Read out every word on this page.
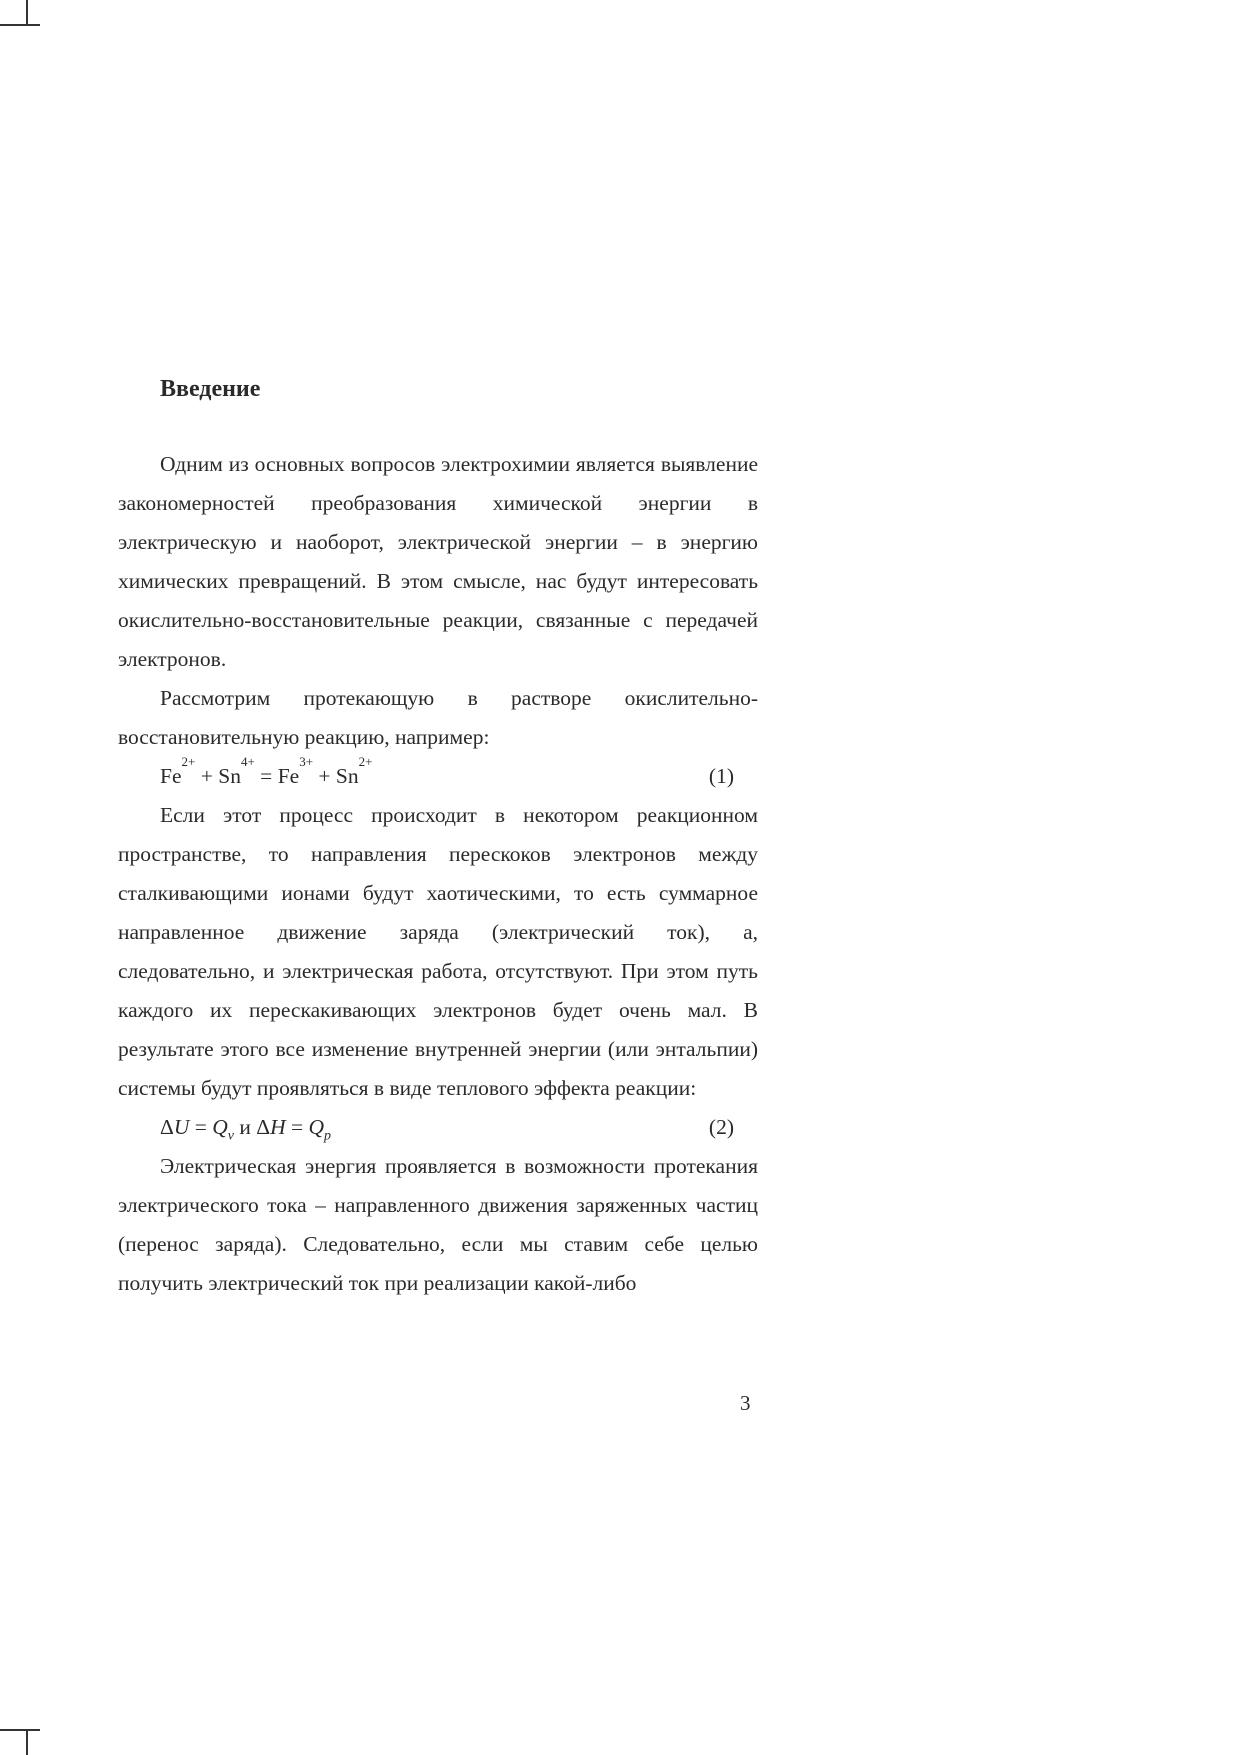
Введение

Одним из основных вопросов электрохимии является выявление закономерностей преобразования химической энергии в электрическую и наоборот, электрической энергии – в энергию химических превращений. В этом смысле, нас будут интересовать окислительно-восстановительные реакции, связанные с передачей электронов.

Рассмотрим протекающую в растворе окислительно-восстановительную реакцию, например:

$Fe^{2+} + Sn^{4+} = Fe^{3+} + Sn^{2+}$
(1)

Если этот процесс происходит в некотором реакционном пространстве, то направления перескоков электронов между сталкивающими ионами будут хаотическими, то есть суммарное направленное движение заряда (электрический ток), а, следовательно, и электрическая работа, отсутствуют. При этом путь каждого их перескакивающих электронов будет очень мал. В результате этого все изменение внутренней энергии (или энтальпии) системы будут проявляться в виде теплового эффекта реакции:

$\Delta U = Q_v$ и $\Delta H = Q_p$	(2)

Электрическая энергия проявляется в возможности протекания электрического тока – направленного движения заряженных частиц (перенос заряда). Следовательно, если мы ставим себе целью получить электрический ток при реализации какой-либо

3
